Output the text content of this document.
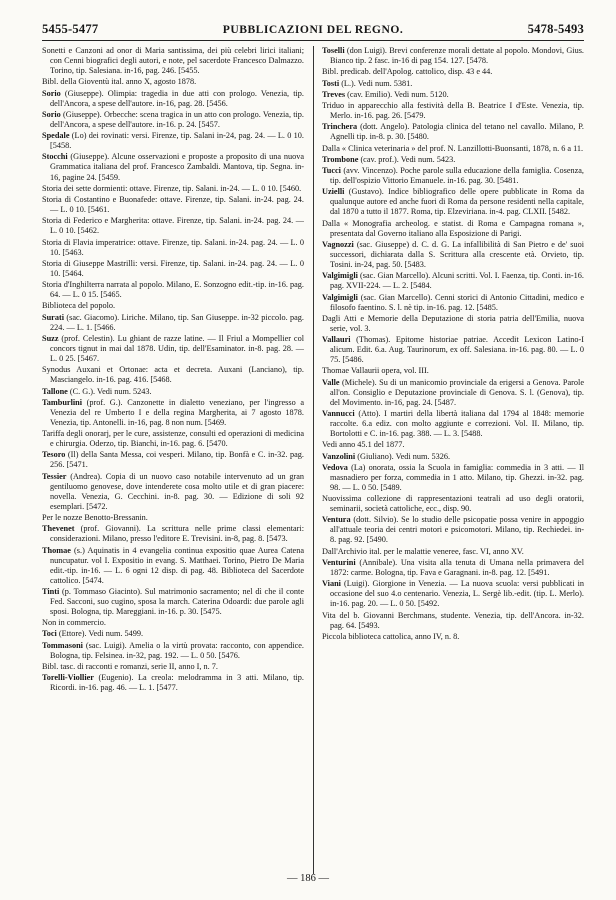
5455-5477	PUBBLICAZIONI DEL REGNO.	5478-5493

Sonetti e Canzoni ad onor di Maria santissima, dei più celebri lirici italiani; con Cenni biografici degli autori, e note, pel sacerdote Francesco Dalmazzo. Torino, tip. Salesiana. in-16, pag. 246. [5455.

Bibl. della Gioventù ital. anno X, agosto 1878.

Sorio (Giuseppe). Olimpia: tragedia in due atti con prologo. Venezia, tip. dell'Ancora, a spese dell'autore. in-16, pag. 28. [5456.

Sorio (Giuseppe). Orbecche: scena tragica in un atto con prologo. Venezia, tip. dell'Ancora, a spese dell'autore. in-16. p. 24. [5457.

Spedale (Lo) dei rovinati: versi. Firenze, tip. Salani in-24, pag. 24. — L. 0 10. [5458.

Stocchi (Giuseppe). Alcune osservazioni e proposte a proposito di una nuova Grammatica italiana del prof. Francesco Zambaldi. Mantova, tip. Segna. in-16, pagine 24. [5459.

Storia dei sette dormienti: ottave. Firenze, tip. Salani. in-24. — L. 0 10. [5460.

Storia di Costantino e Buonafede: ottave. Firenze, tip. Salani. in-24. pag. 24. — L. 0 10. [5461.

Storia di Federico e Margherita: ottave. Firenze, tip. Salani. in-24. pag. 24. — L. 0 10. [5462.

Storia di Flavia imperatrice: ottave. Firenze, tip. Salani. in-24. pag. 24. — L. 0 10. [5463.

Storia di Giuseppe Mastrilli: versi. Firenze, tip. Salani. in-24. pag. 24. — L. 0 10. [5464.

Storia d'Inghilterra narrata al popolo. Milano, E. Sonzogno edit.-tip. in-16. pag. 64. — L. 0 15. [5465.

Biblioteca del popolo.

Surati (sac. Giacomo). Liriche. Milano, tip. San Giuseppe. in-32 piccolo. pag. 224. — L. 1. [5466.

Suzz (prof. Celestin). Lu ghiant de razze latine. — Il Friul a Mompellier col concors tignut in mai dal 1878. Udin, tip. dell'Esaminator. in-8. pag. 28. — L. 0 25. [5467.

Synodus Auxani et Ortonae: acta et decreta. Auxani (Lanciano), tip. Masciangelo. in-16. pag. 416. [5468.

Tallone (C. G.). Vedi num. 5243.

Tamburlini (prof. G.). Canzonette in dialetto veneziano, per l'ingresso a Venezia del re Umberto I e della regina Margherita, ai 7 agosto 1878. Venezia, tip. Antonelli. in-16, pag. 8 non num. [5469.

Tariffa degli onorarj, per le cure, assistenze, consulti ed operazioni di medicina e chirurgia. Oderzo, tip. Bianchi, in-16. pag. 6. [5470.

Tesoro (Il) della Santa Messa, coi vesperi. Milano, tip. Bonfà e C. in-32. pag. 256. [5471.

Tessier (Andrea). Copia di un nuovo caso notabile intervenuto ad un gran gentiluomo genovese, dove intenderete cosa molto utile et di gran piacere: novella. Venezia, G. Cecchini. in-8. pag. 30. — Edizione di soli 92 esemplari. [5472.

Per le nozze Benotto-Bressanin.

Thevenet (prof. Giovanni). La scrittura nelle prime classi elementari: considerazioni. Milano, presso l'editore E. Trevisini. in-8, pag. 8. [5473.

Thomae (s.) Aquinatis in 4 evangelia continua expositio quae Aurea Catena nuncupatur. vol I. Expositio in evang. S. Matthaei. Torino, Pietro De Maria edit.-tip. in-16. — L. 6 ogni 12 disp. di pag. 48. Biblioteca del Sacerdote cattolico. [5474.

Tinti (p. Tommaso Giacinto). Sul matrimonio sacramento; nel dì che il conte Fed. Sacconi, suo cugino, sposa la march. Caterina Odoardi: due parole agli sposi. Bologna, tip. Mareggiani. in-16. p. 30. [5475.

Non in commercio.

Toci (Ettore). Vedi num. 5499.

Tommasoni (sac. Luigi). Amelia o la virtù provata: racconto, con appendice. Bologna, tip. Felsinea. in-32, pag. 192. — L. 0 50. [5476.

Bibl. tasc. di racconti e romanzi, serie II, anno I, n. 7.

Torelli-Viollier (Eugenio). La creola: melodramma in 3 atti. Milano, tip. Ricordi. in-16. pag. 46. — L. 1. [5477.

Toselli (don Luigi). Brevi conferenze morali dettate al popolo. Mondovi, Gius. Bianco tip. 2 fasc. in-16 di pag 154. 127. [5478.

Bibl. predicab. dell'Apolog. cattolico, disp. 43 e 44.

Tosti (L.). Vedi num. 5381.

Treves (cav. Emilio). Vedi num. 5120.

Triduo in apparecchio alla festività della B. Beatrice I d'Este. Venezia, tip. Merlo. in-16. pag. 26. [5479.

Trinchera (dott. Angelo). Patologia clinica del tetano nel cavallo. Milano, P. Agnelli tip. in-8. p. 30. [5480.

Dalla « Clinica veterinaria » del prof. N. Lanzillotti-Buonsanti, 1878, n. 6 a 11.

Trombone (cav. prof.). Vedi num. 5423.

Tucci (avv. Vincenzo). Poche parole sulla educazione della famiglia. Cosenza, tip. dell'ospizio Vittorio Emanuele. in-16. pag. 30. [5481.

Uzielli (Gustavo). Indice bibliografico delle opere pubblicate in Roma da qualunque autore ed anche fuori di Roma da persone residenti nella capitale, dal 1870 a tutto il 1877. Roma, tip. Elzeviriana. in-4. pag. CLXII. [5482.

Dalla « Monografia archeolog. e statist. di Roma e Campagna romana », presentata dal Governo italiano alla Esposizione di Parigi.

Vagnozzi (sac. Giuseppe) d. C. d. G. La infallibilità di San Pietro e de' suoi successori, dichiarata dalla S. Scrittura alla crescente età. Orvieto, tip. Tosini. in-24, pag. 50. [5483.

Valgimigli (sac. Gian Marcello). Alcuni scritti. Vol. I. Faenza, tip. Conti. in-16. pag. XVII-224. — L. 2. [5484.

Valgimigli (sac. Gian Marcello). Cenni storici di Antonio Cittadini, medico e filosofo faentino. S. l. nè tip. in-16. pag. 12. [5485.

Dagli Atti e Memorie della Deputazione di storia patria dell'Emilia, nuova serie, vol. 3.

Vallauri (Thomas). Epitome historiae patriae. Accedit Lexicon Latino-I alicum. Edit. 6.a. Aug. Taurinorum, ex off. Salesiana. in-16. pag. 80. — L. 0 75. [5486.

Thomae Vallaurii opera, vol. III.

Valle (Michele). Su di un manicomio provinciale da erigersi a Genova. Parole all'on. Consiglio e Deputazione provinciale di Genova. S. l. (Genova), tip. del Movimento. in-16, pag. 24. [5487.

Vannucci (Atto). I martiri della libertà italiana dal 1794 al 1848: memorie raccolte. 6.a ediz. con molto aggiunte e correzioni. Vol. II. Milano, tip. Bortolotti e C. in-16. pag. 388. — L. 3. [5488.

Vedi anno 45.1 del 1877.

Vanzolini (Giuliano). Vedi num. 5326.

Vedova (La) onorata, ossia la Scuola in famiglia: commedia in 3 atti. — Il masnadiero per forza, commedia in 1 atto. Milano, tip. Ghezzi. in-32. pag. 98. — L. 0 50. [5489.

Nuovissima collezione di rappresentazioni teatrali ad uso degli oratorii, seminarii, società cattoliche, ecc., disp. 90.

Ventura (dott. Silvio). Se lo studio delle psicopatie possa venire in appoggio all'attuale teoria dei centri motori e psicomotori. Milano, tip. Rechiedei. in-8. pag. 92. [5490.

Dall'Archivio ital. per le malattie veneree, fasc. VI, anno XV.

Venturini (Annibale). Una visita alla tenuta di Umana nella primavera del 1872: carme. Bologna, tip. Fava e Garagnani. in-8. pag. 12. [5491.

Viani (Luigi). Giorgione in Venezia. — La nuova scuola: versi pubblicati in occasione del suo 4.o centenario. Venezia, L. Sergè lib.-edit. (tip. L. Merlo). in-16. pag. 20. — L. 0 50. [5492.

Vita del b. Giovanni Berchmans, studente. Venezia, tip. dell'Ancora. in-32. pag. 64. [5493.

Piccola biblioteca cattolica, anno IV, n. 8.

— 186 —
